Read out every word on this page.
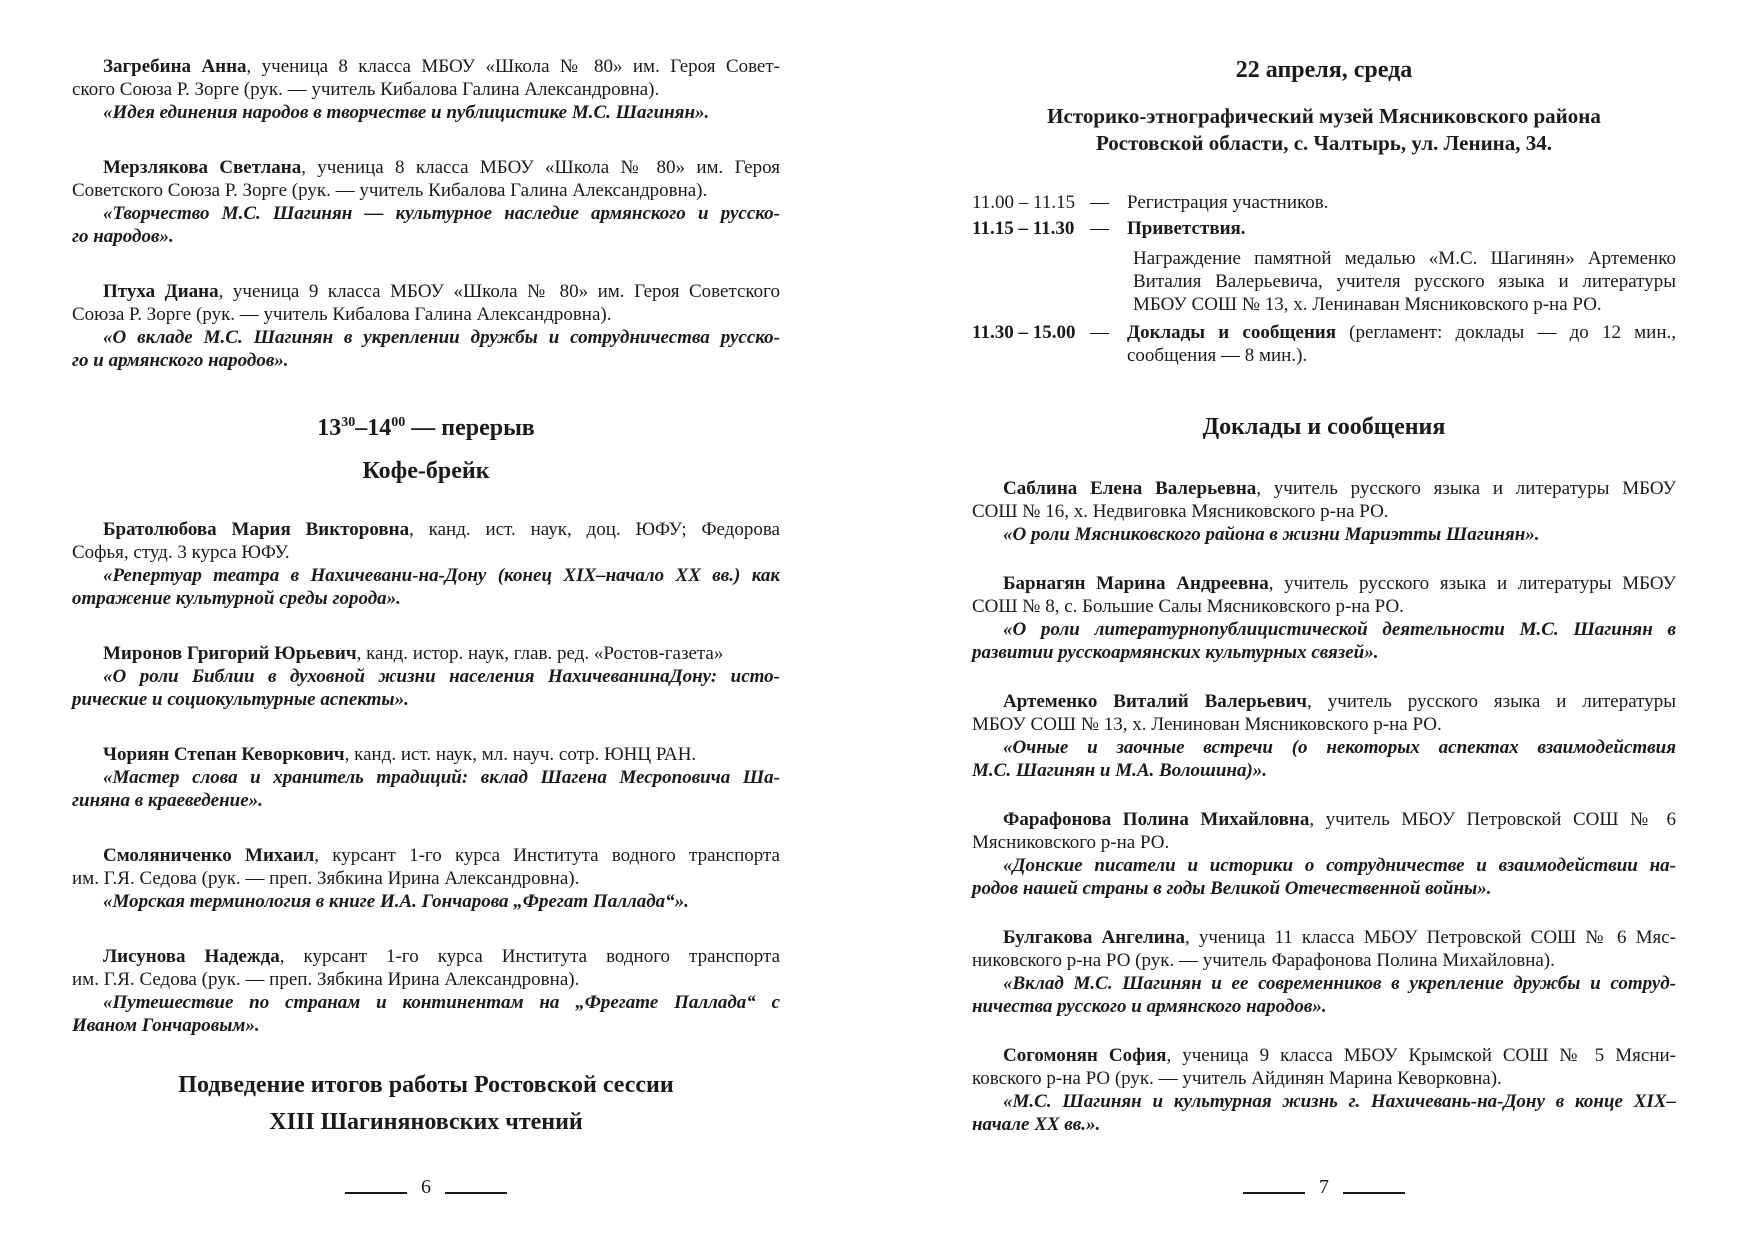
Загребина Анна, ученица 8 класса МБОУ «Школа № 80» им. Героя Совет-
ского Союза Р. Зорге (рук. — учитель Кибалова Галина Александровна).
«Идея единения народов в творчестве и публицистике М.С. Шагинян».
Мерзлякова Светлана, ученица 8 класса МБОУ «Школа № 80» им. Героя
Советского Союза Р. Зорге (рук. — учитель Кибалова Галина Александровна).
«Творчество М.С. Шагинян — культурное наследие армянского и русско-
го народов».
Птуха Диана, ученица 9 класса МБОУ «Школа № 80» им. Героя Советского
Союза Р. Зорге (рук. — учитель Кибалова Галина Александровна).
«О вкладе М.С. Шагинян в укреплении дружбы и сотрудничества русско-
го и армянского народов».
$13^{30}-14^{00}$ — перерыв
Кофе-брейк
Братолюбова Мария Викторовна, канд. ист. наук, доц. ЮФУ; Федорова
Софья, студ. 3 курса ЮФУ.
«Репертуар театра в Нахичевани-на-Дону (конец XIX–начало XX вв.) как
отражение культурной среды города».
Миронов Григорий Юрьевич, канд. истор. наук, глав. ред. «Ростов-газета»
«О роли Библии в духовной жизни населения НахичеванинаДону: исто-
рические и социокультурные аспекты».
Чориян Степан Кеворкович, канд. ист. наук, мл. науч. сотр. ЮНЦ РАН.
«Мастер слова и хранитель традиций: вклад Шагена Месроповича Ша-
гиняна в краеведение».
Смоляниченко Михаил, курсант 1-го курса Института водного транспорта
им. Г.Я. Седова (рук. — преп. Зябкина Ирина Александровна).
«Морская терминология в книге И.А. Гончарова „Фрегат Паллада“».
Лисунова Надежда, курсант 1-го курса Института водного транспорта
им. Г.Я. Седова (рук. — преп. Зябкина Ирина Александровна).
«Путешествие по странам и континентам на „Фрегате Паллада“ с
Иваном Гончаровым».
Подведение итогов работы Ростовской сессии
XIII Шагиняновских чтений
6
22 апреля, среда
Историко-этнографический музей Мясниковского района
Ростовской области, с. Чалтырь, ул. Ленина, 34.
11.00 – 11.15 — Регистрация участников.
11.15 – 11.30 — Приветствия.
Награждение памятной медалью «М.С. Шагинян» Артеменко
Виталия Валерьевича, учителя русского языка и литературы
МБОУ СОШ № 13, х. Ленинаван Мясниковского р-на РО.
11.30 – 15.00 — Доклады и сообщения (регламент: доклады — до 12 мин.,
сообщения — 8 мин.).
Доклады и сообщения
Саблина Елена Валерьевна, учитель русского языка и литературы МБОУ
СОШ № 16, х. Недвиговка Мясниковского р-на РО.
«О роли Мясниковского района в жизни Мариэтты Шагинян».
Барнагян Марина Андреевна, учитель русского языка и литературы МБОУ
СОШ № 8, с. Большие Салы Мясниковского р-на РО.
«О роли литературнопублицистической деятельности М.С. Шагинян в
развитии русскоармянских культурных связей».
Артеменко Виталий Валерьевич, учитель русского языка и литературы
МБОУ СОШ № 13, х. Ленинован Мясниковского р-на РО.
«Очные и заочные встречи (о некоторых аспектах взаимодействия
М.С. Шагинян и М.А. Волошина)».
Фарафонова Полина Михайловна, учитель МБОУ Петровской СОШ № 6
Мясниковского р-на РО.
«Донские писатели и историки о сотрудничестве и взаимодействии на-
родов нашей страны в годы Великой Отечественной войны».
Булгакова Ангелина, ученица 11 класса МБОУ Петровской СОШ № 6 Мяс-
никовского р-на РО (рук. — учитель Фарафонова Полина Михайловна).
«Вклад М.С. Шагинян и ее современников в укрепление дружбы и сотруд-
ничества русского и армянского народов».
Согомонян София, ученица 9 класса МБОУ Крымской СОШ № 5 Мясни-
ковского р-на РО (рук. — учитель Айдинян Марина Кеворковна).
«М.С. Шагинян и культурная жизнь г. Нахичевань-на-Дону в конце XIX–
начале XX вв.».
7
